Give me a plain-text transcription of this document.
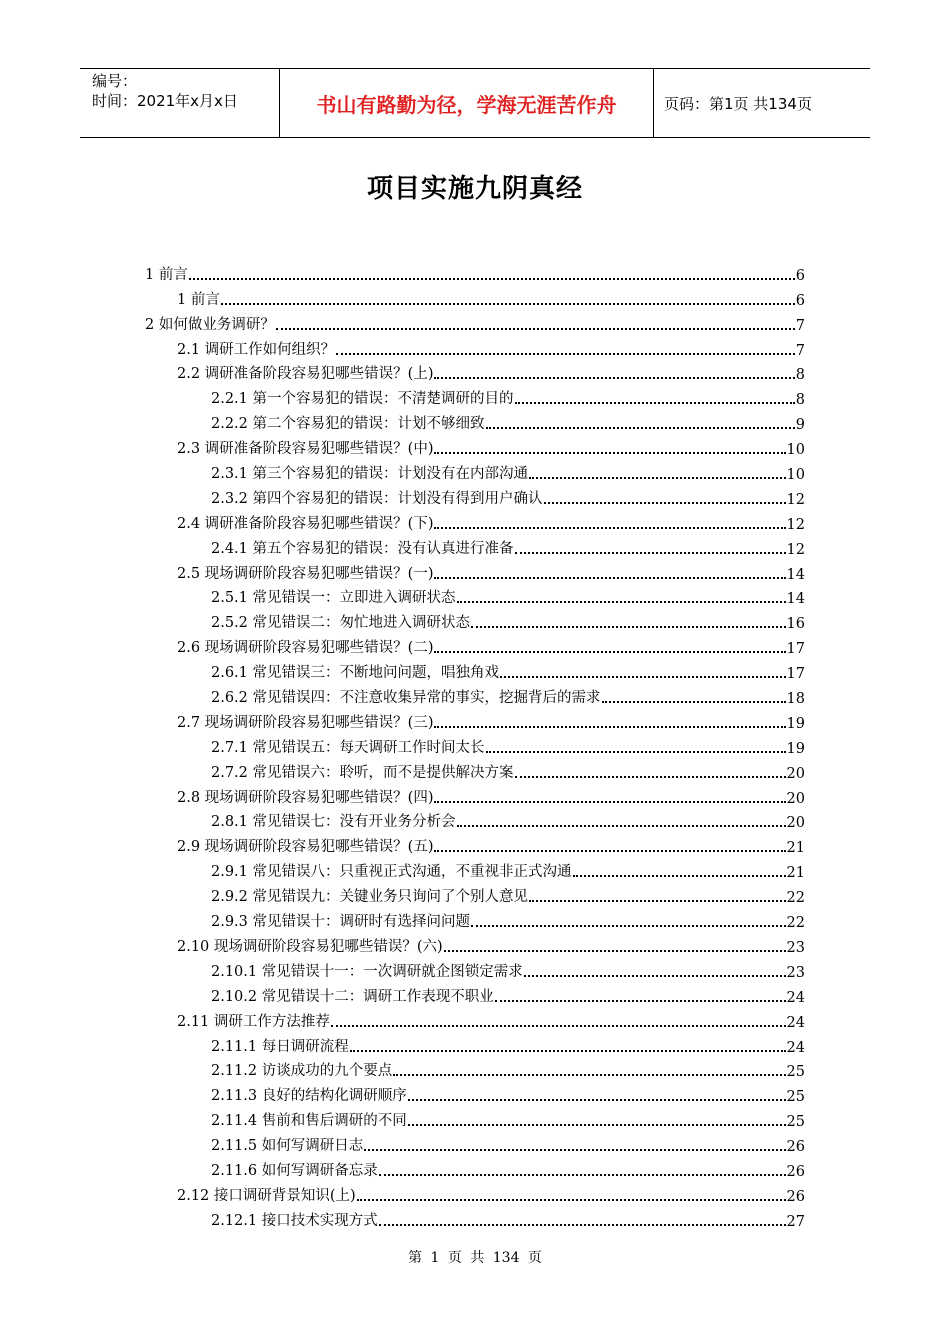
编号：
时间：2021年x月x日	书山有路勤为径，学海无涯苦作舟	页码：第1页 共134页
项目实施九阴真经
1 前言	6
1 前言	6
2 如何做业务调研？	7
2.1 调研工作如何组织？	7
2.2 调研准备阶段容易犯哪些错误？(上)	8
2.2.1 第一个容易犯的错误：不清楚调研的目的	8
2.2.2 第二个容易犯的错误：计划不够细致	9
2.3 调研准备阶段容易犯哪些错误？(中)	10
2.3.1 第三个容易犯的错误：计划没有在内部沟通	10
2.3.2 第四个容易犯的错误：计划没有得到用户确认	12
2.4 调研准备阶段容易犯哪些错误？(下)	12
2.4.1 第五个容易犯的错误：没有认真进行准备	12
2.5 现场调研阶段容易犯哪些错误？(一)	14
2.5.1 常见错误一：立即进入调研状态	14
2.5.2 常见错误二：匆忙地进入调研状态	16
2.6 现场调研阶段容易犯哪些错误？(二)	17
2.6.1 常见错误三：不断地问问题，唱独角戏	17
2.6.2 常见错误四：不注意收集异常的事实，挖掘背后的需求	18
2.7 现场调研阶段容易犯哪些错误？(三)	19
2.7.1 常见错误五：每天调研工作时间太长	19
2.7.2 常见错误六：聆听，而不是提供解决方案	20
2.8 现场调研阶段容易犯哪些错误？(四)	20
2.8.1 常见错误七：没有开业务分析会	20
2.9 现场调研阶段容易犯哪些错误？(五)	21
2.9.1 常见错误八：只重视正式沟通，不重视非正式沟通	21
2.9.2 常见错误九：关键业务只询问了个别人意见	22
2.9.3 常见错误十：调研时有选择问问题	22
2.10 现场调研阶段容易犯哪些错误？(六)	23
2.10.1 常见错误十一：一次调研就企图锁定需求	23
2.10.2 常见错误十二：调研工作表现不职业	24
2.11 调研工作方法推荐	24
2.11.1 每日调研流程	24
2.11.2 访谈成功的九个要点	25
2.11.3 良好的结构化调研顺序	25
2.11.4 售前和售后调研的不同	25
2.11.5 如何写调研日志	26
2.11.6 如何写调研备忘录	26
2.12 接口调研背景知识(上)	26
2.12.1 接口技术实现方式	27
第 1 页 共 134 页
